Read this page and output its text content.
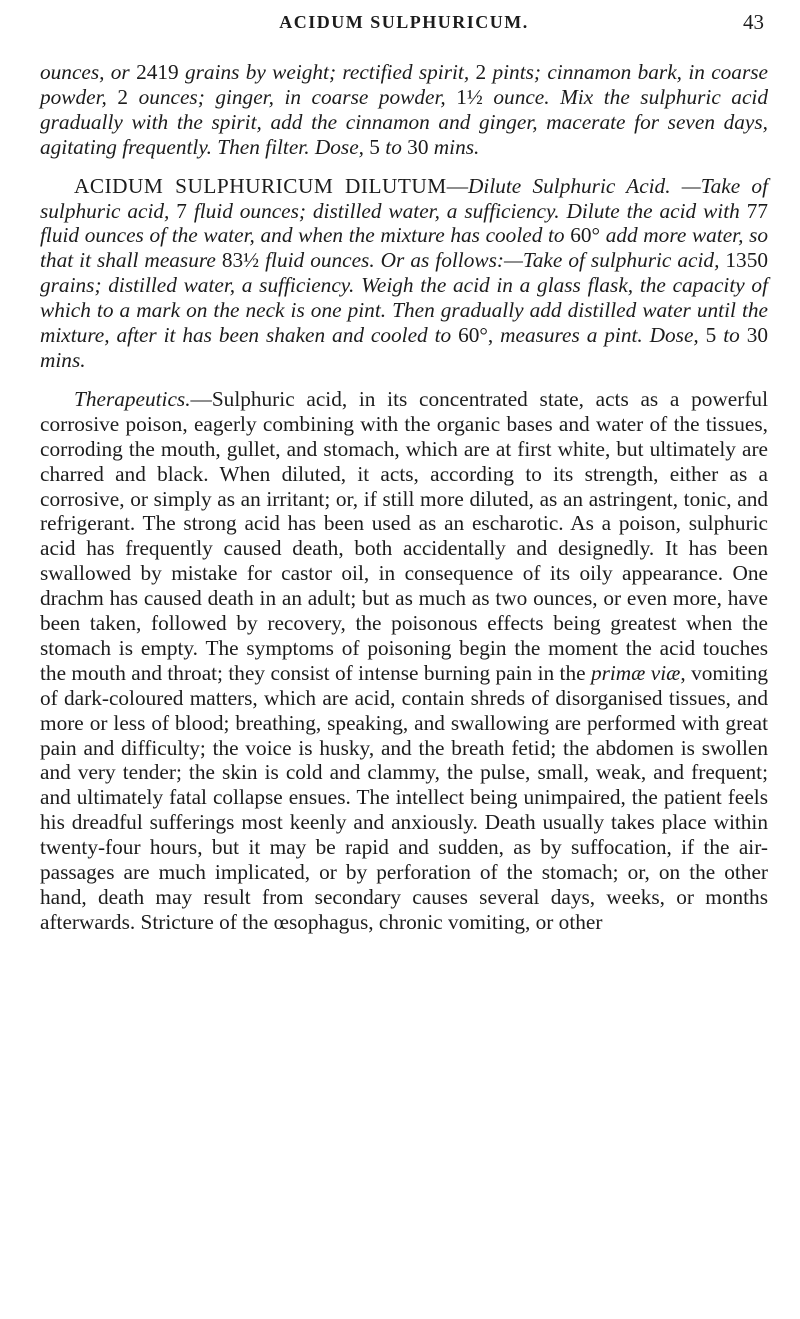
ACIDUM SULPHURICUM.	43

ounces, or 2419 grains by weight; rectified spirit, 2 pints; cinnamon bark, in coarse powder, 2 ounces; ginger, in coarse powder, 1½ ounce. Mix the sulphuric acid gradually with the spirit, add the cinnamon and ginger, macerate for seven days, agitating frequently. Then filter. Dose, 5 to 30 mins.

ACIDUM SULPHURICUM DILUTUM—Dilute Sulphuric Acid. —Take of sulphuric acid, 7 fluid ounces; distilled water, a sufficiency. Dilute the acid with 77 fluid ounces of the water, and when the mixture has cooled to 60° add more water, so that it shall measure 83½ fluid ounces. Or as follows:—Take of sulphuric acid, 1350 grains; distilled water, a sufficiency. Weigh the acid in a glass flask, the capacity of which to a mark on the neck is one pint. Then gradually add distilled water until the mixture, after it has been shaken and cooled to 60°, measures a pint. Dose, 5 to 30 mins.

Therapeutics.—Sulphuric acid, in its concentrated state, acts as a powerful corrosive poison, eagerly combining with the organic bases and water of the tissues, corroding the mouth, gullet, and stomach, which are at first white, but ultimately are charred and black. When diluted, it acts, according to its strength, either as a corrosive, or simply as an irritant; or, if still more diluted, as an astringent, tonic, and refrigerant. The strong acid has been used as an escharotic. As a poison, sulphuric acid has frequently caused death, both accidentally and designedly. It has been swallowed by mistake for castor oil, in consequence of its oily appearance. One drachm has caused death in an adult; but as much as two ounces, or even more, have been taken, followed by recovery, the poisonous effects being greatest when the stomach is empty. The symptoms of poisoning begin the moment the acid touches the mouth and throat; they consist of intense burning pain in the primæ viæ, vomiting of dark-coloured matters, which are acid, contain shreds of disorganised tissues, and more or less of blood; breathing, speaking, and swallowing are performed with great pain and difficulty; the voice is husky, and the breath fetid; the abdomen is swollen and very tender; the skin is cold and clammy, the pulse, small, weak, and frequent; and ultimately fatal collapse ensues. The intellect being unimpaired, the patient feels his dreadful sufferings most keenly and anxiously. Death usually takes place within twenty-four hours, but it may be rapid and sudden, as by suffocation, if the air-passages are much implicated, or by perforation of the stomach; or, on the other hand, death may result from secondary causes several days, weeks, or months afterwards. Stricture of the œsophagus, chronic vomiting, or other
